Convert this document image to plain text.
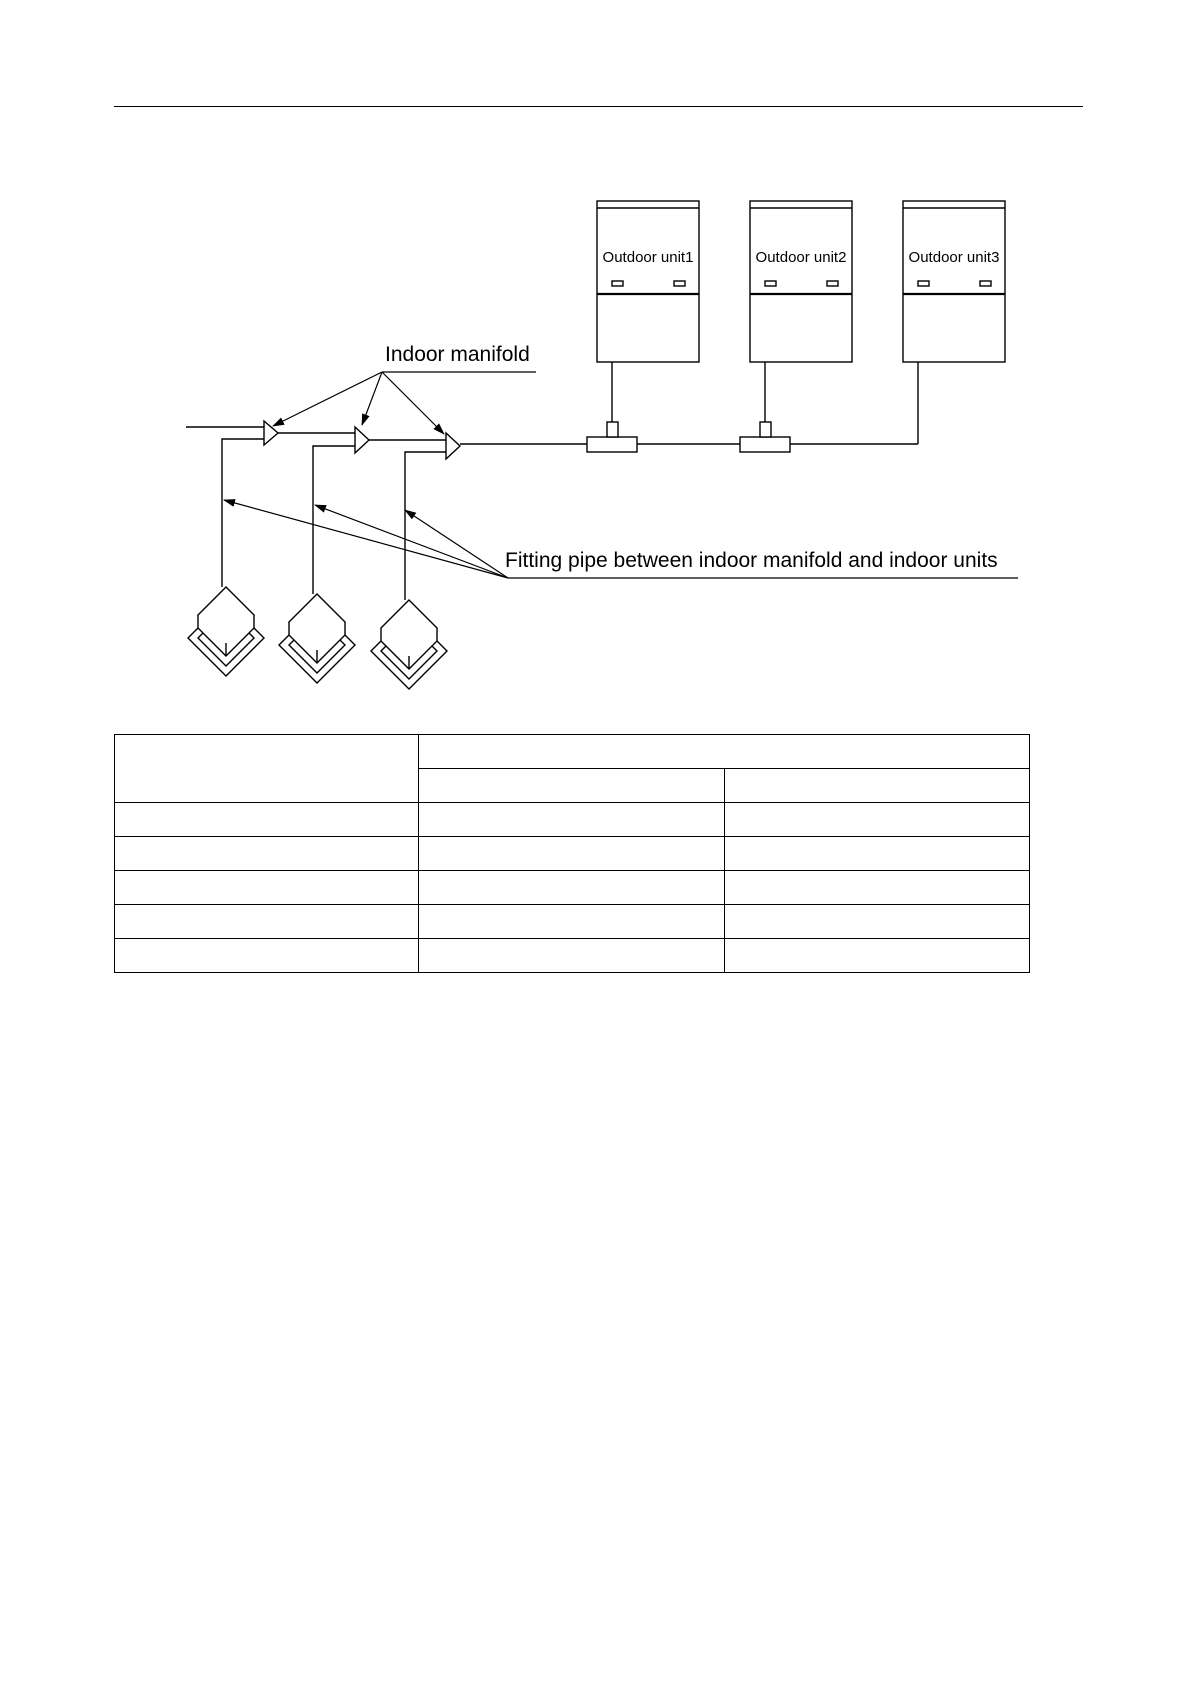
Outdoor unit1	Outdoor unit2	Outdoor unit3
Indoor manifold
Fitting pipe between indoor manifold and indoor units
